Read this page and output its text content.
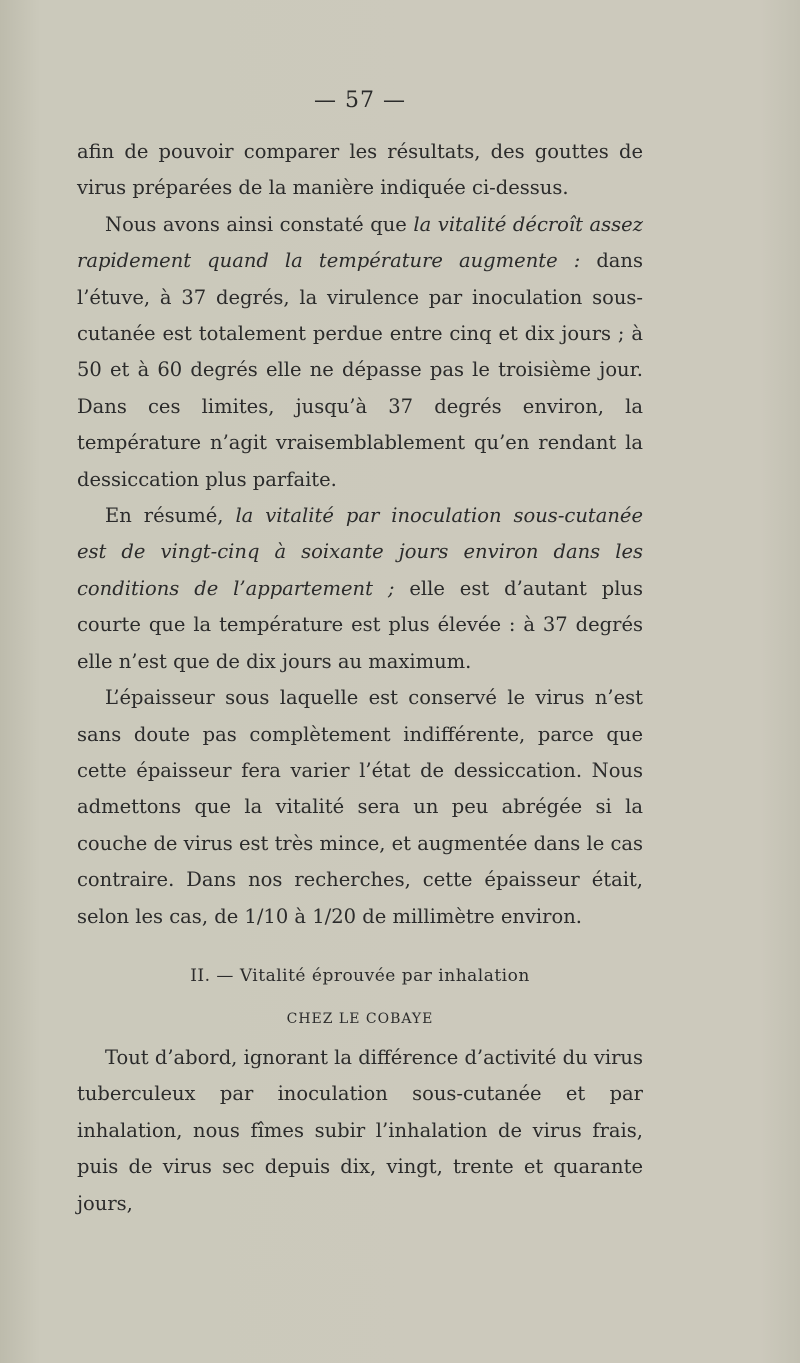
— 57 —

afin de pouvoir comparer les résultats, des gouttes de virus préparées de la manière indiquée ci-dessus.

Nous avons ainsi constaté que la vitalité décroît assez rapidement quand la température augmente : dans l’étuve, à 37 degrés, la virulence par inoculation sous-cutanée est totalement perdue entre cinq et dix jours ; à 50 et à 60 degrés elle ne dépasse pas le troisième jour. Dans ces limites, jusqu’à 37 degrés environ, la température n’agit vraisemblablement qu’en rendant la dessiccation plus parfaite.

En résumé, la vitalité par inoculation sous-cutanée est de vingt-cinq à soixante jours environ dans les conditions de l’appartement ; elle est d’autant plus courte que la température est plus élevée : à 37 degrés elle n’est que de dix jours au maximum.

L’épaisseur sous laquelle est conservé le virus n’est sans doute pas complètement indifférente, parce que cette épaisseur fera varier l’état de dessiccation. Nous admettons que la vitalité sera un peu abrégée si la couche de virus est très mince, et augmentée dans le cas contraire. Dans nos recherches, cette épaisseur était, selon les cas, de 1/10 à 1/20 de millimètre environ.

II. — Vitalité éprouvée par inhalation
CHEZ LE COBAYE

Tout d’abord, ignorant la différence d’activité du virus tuberculeux par inoculation sous-cutanée et par inhalation, nous fîmes subir l’inhalation de virus frais, puis de virus sec depuis dix, vingt, trente et quarante jours,
